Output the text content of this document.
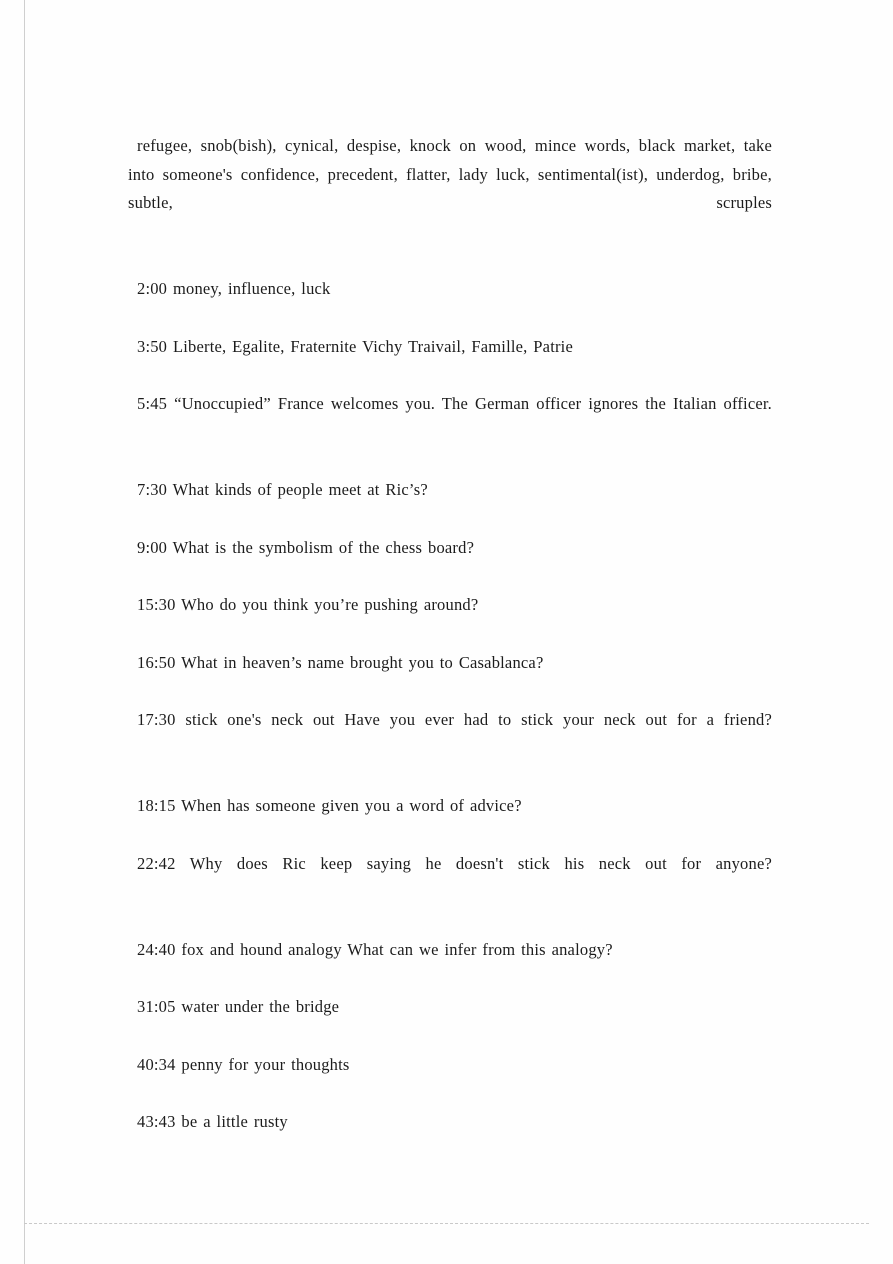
refugee, snob(bish), cynical, despise, knock on wood, mince words, black market, take into someone's confidence, precedent, flatter, lady luck, sentimental(ist), underdog, bribe, subtle, scruples

2:00 money, influence, luck

3:50 Liberte, Egalite, Fraternite Vichy Traivail, Famille, Patrie

5:45 “Unoccupied” France welcomes you. The German officer ignores the Italian officer.

7:30 What kinds of people meet at Ric’s?

9:00 What is the symbolism of the chess board?

15:30 Who do you think you’re pushing around?

16:50 What in heaven’s name brought you to Casablanca?

17:30 stick one's neck out Have you ever had to stick your neck out for a friend?

18:15 When has someone given you a word of advice?

22:42 Why does Ric keep saying he doesn't stick his neck out for anyone?

24:40 fox and hound analogy What can we infer from this analogy?

31:05 water under the bridge

40:34 penny for your thoughts

43:43 be a little rusty
